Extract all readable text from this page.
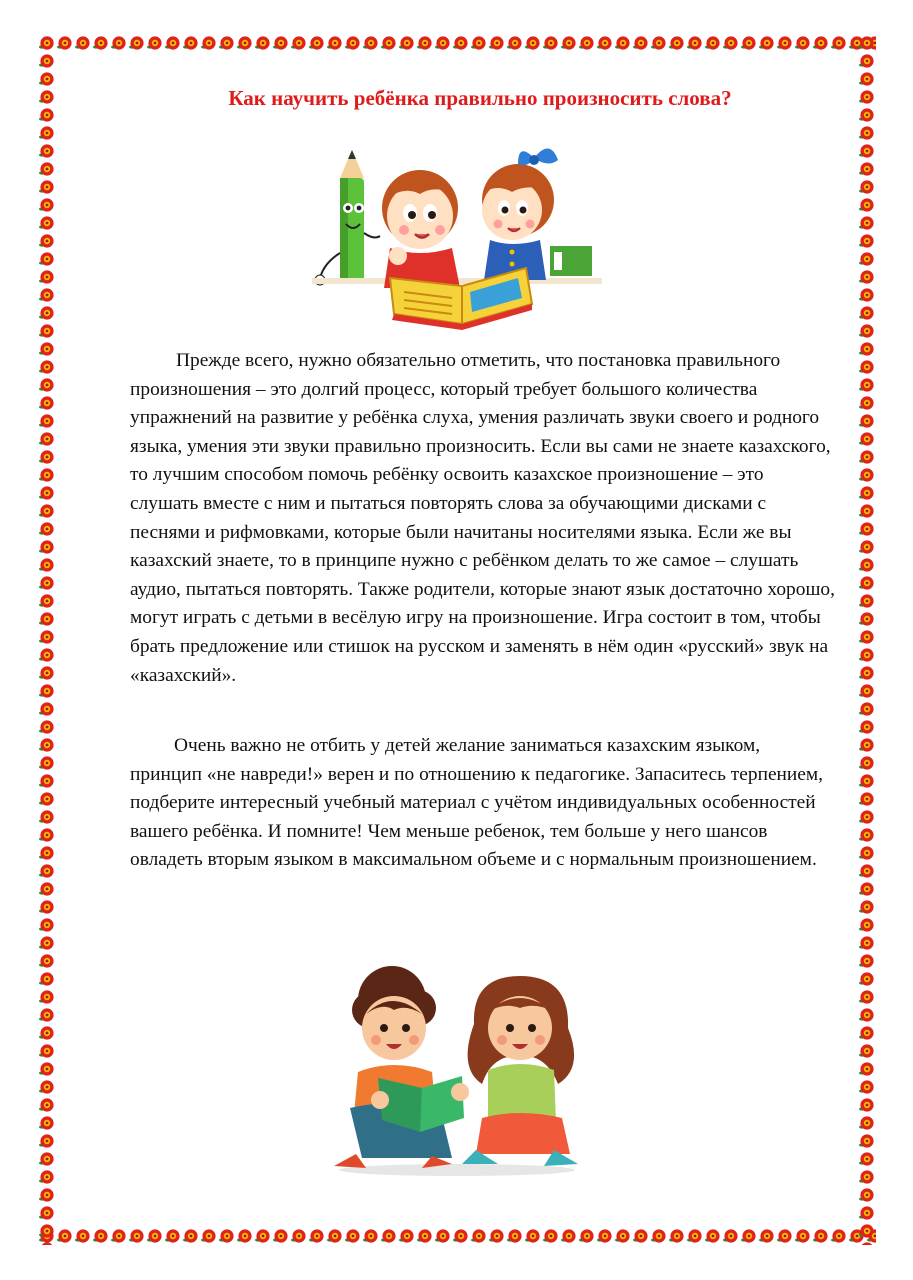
Как научить ребёнка правильно произносить слова?

Прежде всего, нужно обязательно отметить, что постановка правильного произношения – это долгий процесс, который требует большого количества упражнений на развитие у ребёнка слуха, умения различать звуки своего и родного языка, умения эти звуки правильно произносить. Если вы сами не знаете казахского, то лучшим способом помочь ребёнку освоить казахское произношение – это слушать вместе с ним и пытаться повторять слова за обучающими дисками с песнями и рифмовками, которые были начитаны носителями языка. Если же вы казахский знаете, то в принципе нужно с ребёнком делать то же самое – слушать аудио, пытаться повторять. Также родители, которые знают язык достаточно хорошо, могут играть с детьми в весёлую игру на произношение. Игра состоит в том, чтобы брать предложение или стишок на русском и заменять в нём один «русский» звук на «казахский».

Очень важно не отбить у детей желание заниматься казахским языком, принцип «не навреди!» верен и по отношению к педагогике. Запаситесь терпением, подберите интересный учебный материал с учётом индивидуальных особенностей вашего ребёнка. И помните! Чем меньше ребенок, тем больше у него шансов овладеть вторым языком в максимальном объеме и с нормальным произношением.
